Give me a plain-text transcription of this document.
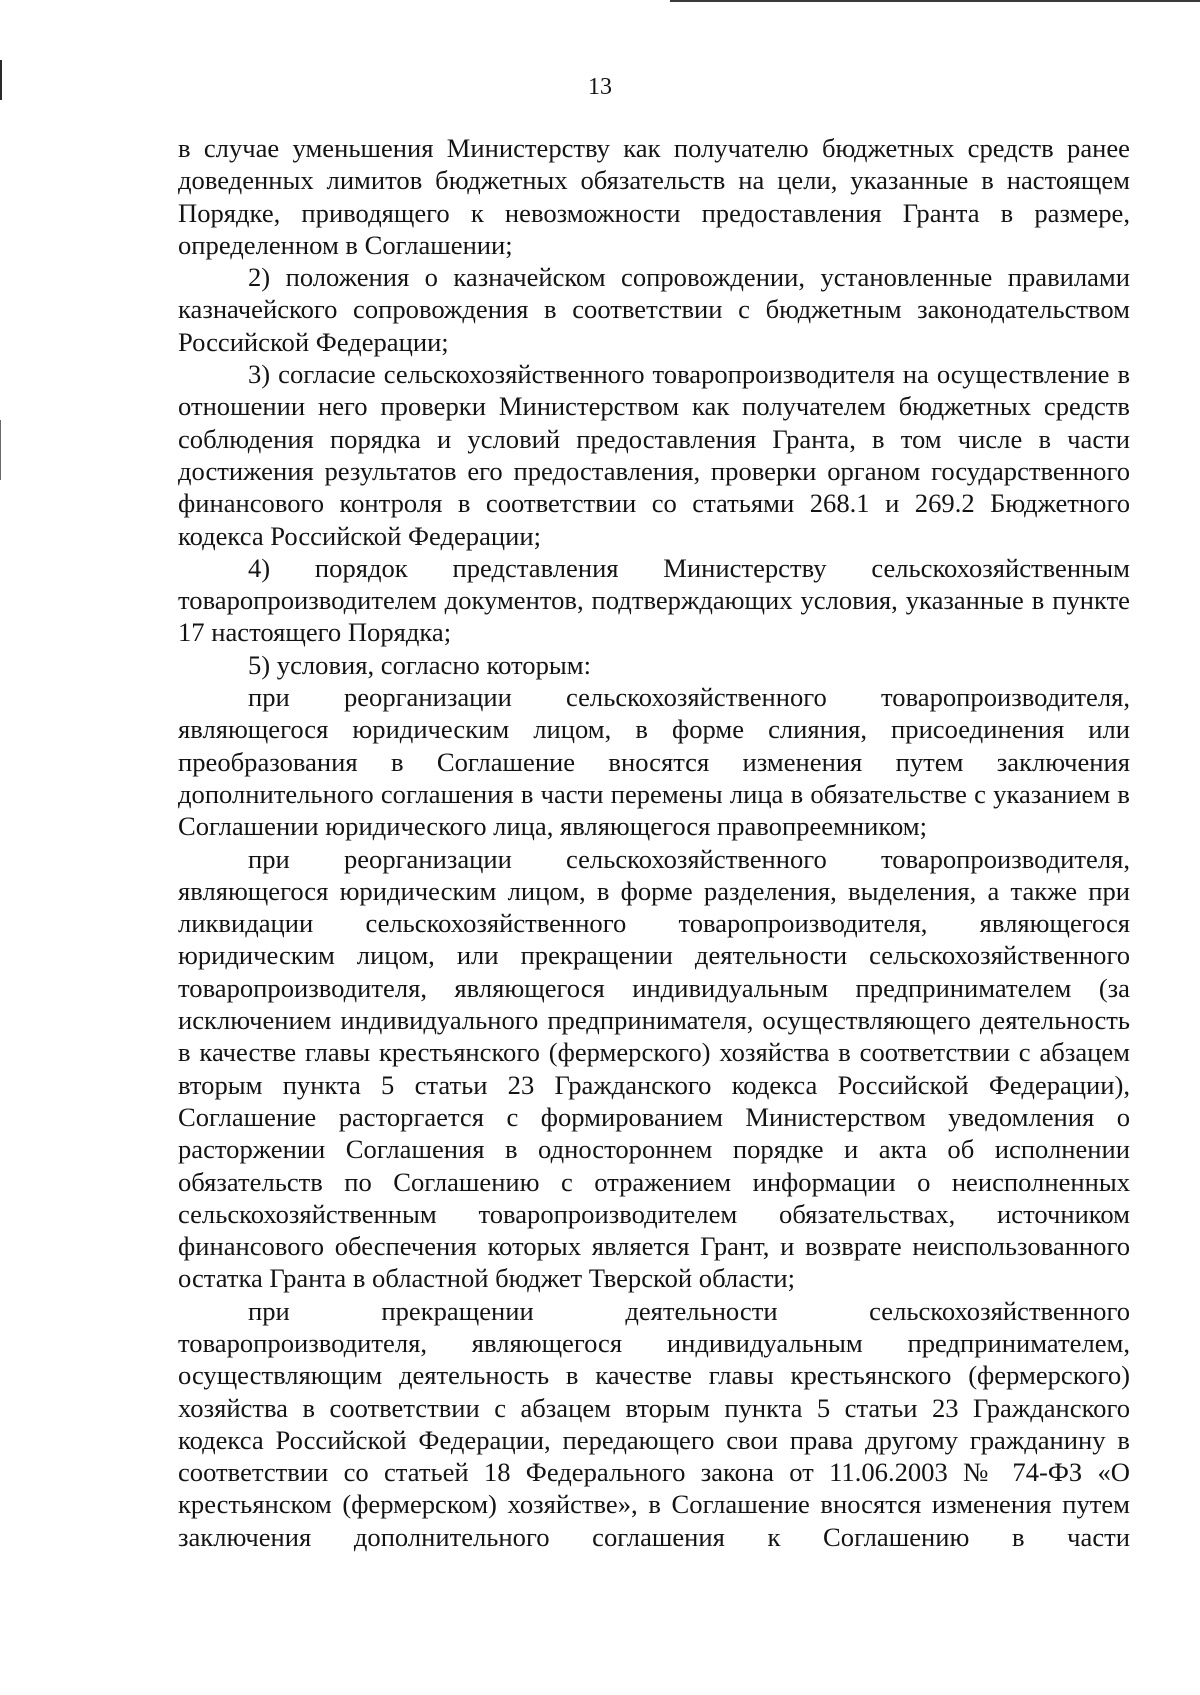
13

в случае уменьшения Министерству как получателю бюджетных средств ранее доведенных лимитов бюджетных обязательств на цели, указанные в настоящем Порядке, приводящего к невозможности предоставления Гранта в размере, определенном в Соглашении;

2) положения о казначейском сопровождении, установленные правилами казначейского сопровождения в соответствии с бюджетным законодательством Российской Федерации;

3) согласие сельскохозяйственного товаропроизводителя на осуществление в отношении него проверки Министерством как получателем бюджетных средств соблюдения порядка и условий предоставления Гранта, в том числе в части достижения результатов его предоставления, проверки органом государственного финансового контроля в соответствии со статьями 268.1 и 269.2 Бюджетного кодекса Российской Федерации;

4) порядок представления Министерству сельскохозяйственным товаропроизводителем документов, подтверждающих условия, указанные в пункте 17 настоящего Порядка;

5) условия, согласно которым:

при реорганизации сельскохозяйственного товаропроизводителя, являющегося юридическим лицом, в форме слияния, присоединения или преобразования в Соглашение вносятся изменения путем заключения дополнительного соглашения в части перемены лица в обязательстве с указанием в Соглашении юридического лица, являющегося правопреемником;

при реорганизации сельскохозяйственного товаропроизводителя, являющегося юридическим лицом, в форме разделения, выделения, а также при ликвидации сельскохозяйственного товаропроизводителя, являющегося юридическим лицом, или прекращении деятельности сельскохозяйственного товаропроизводителя, являющегося индивидуальным предпринимателем (за исключением индивидуального предпринимателя, осуществляющего деятельность в качестве главы крестьянского (фермерского) хозяйства в соответствии с абзацем вторым пункта 5 статьи 23 Гражданского кодекса Российской Федерации), Соглашение расторгается с формированием Министерством уведомления о расторжении Соглашения в одностороннем порядке и акта об исполнении обязательств по Соглашению с отражением информации о неисполненных сельскохозяйственным товаропроизводителем обязательствах, источником финансового обеспечения которых является Грант, и возврате неиспользованного остатка Гранта в областной бюджет Тверской области;

при прекращении деятельности сельскохозяйственного товаропроизводителя, являющегося индивидуальным предпринимателем, осуществляющим деятельность в качестве главы крестьянского (фермерского) хозяйства в соответствии с абзацем вторым пункта 5 статьи 23 Гражданского кодекса Российской Федерации, передающего свои права другому гражданину в соответствии со статьей 18 Федерального закона от 11.06.2003 № 74-ФЗ «О крестьянском (фермерском) хозяйстве», в Соглашение вносятся изменения путем заключения дополнительного соглашения к Соглашению в части
